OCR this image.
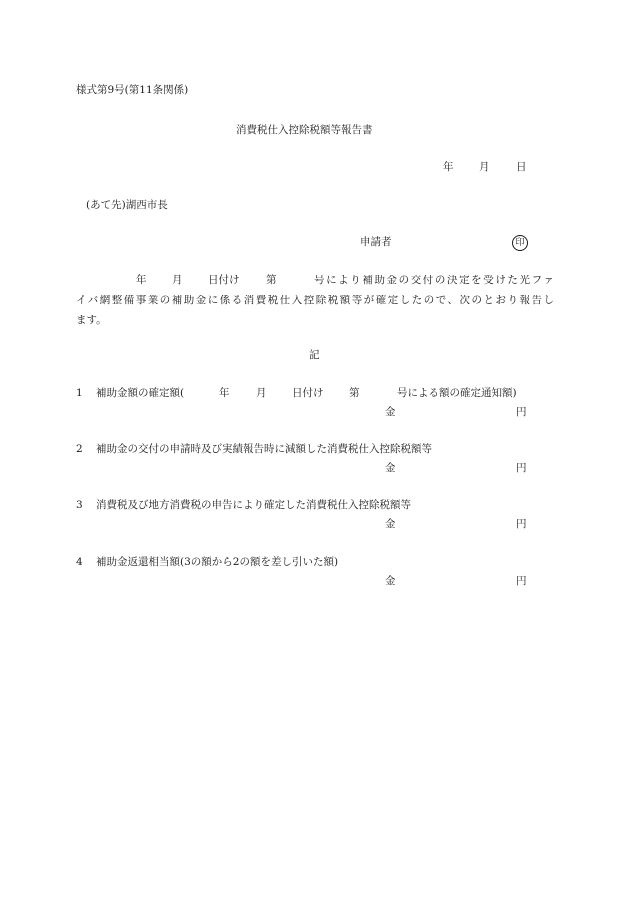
様式第9号(第11条関係)
消費税仕入控除税額等報告書
年 月	日
(あて先)湖西市長
申請者	印
年 月 日付け	第	号により補助金の交付の決定を受けた光ファ
イバ網整備事業の補助金に係る消費税仕入控除税額等が確定したので、次のとおり報告し
ます。
記
1 補助金額の確定額(	年	月 日付け 第	号による額の確定通知額)
金	円
2 補助金の交付の申請時及び実績報告時に減額した消費税仕入控除税額等
金	円
3 消費税及び地方消費税の申告により確定した消費税仕入控除税額等
金	円
4 補助金返還相当額(3の額から2の額を差し引いた額)
金	円
